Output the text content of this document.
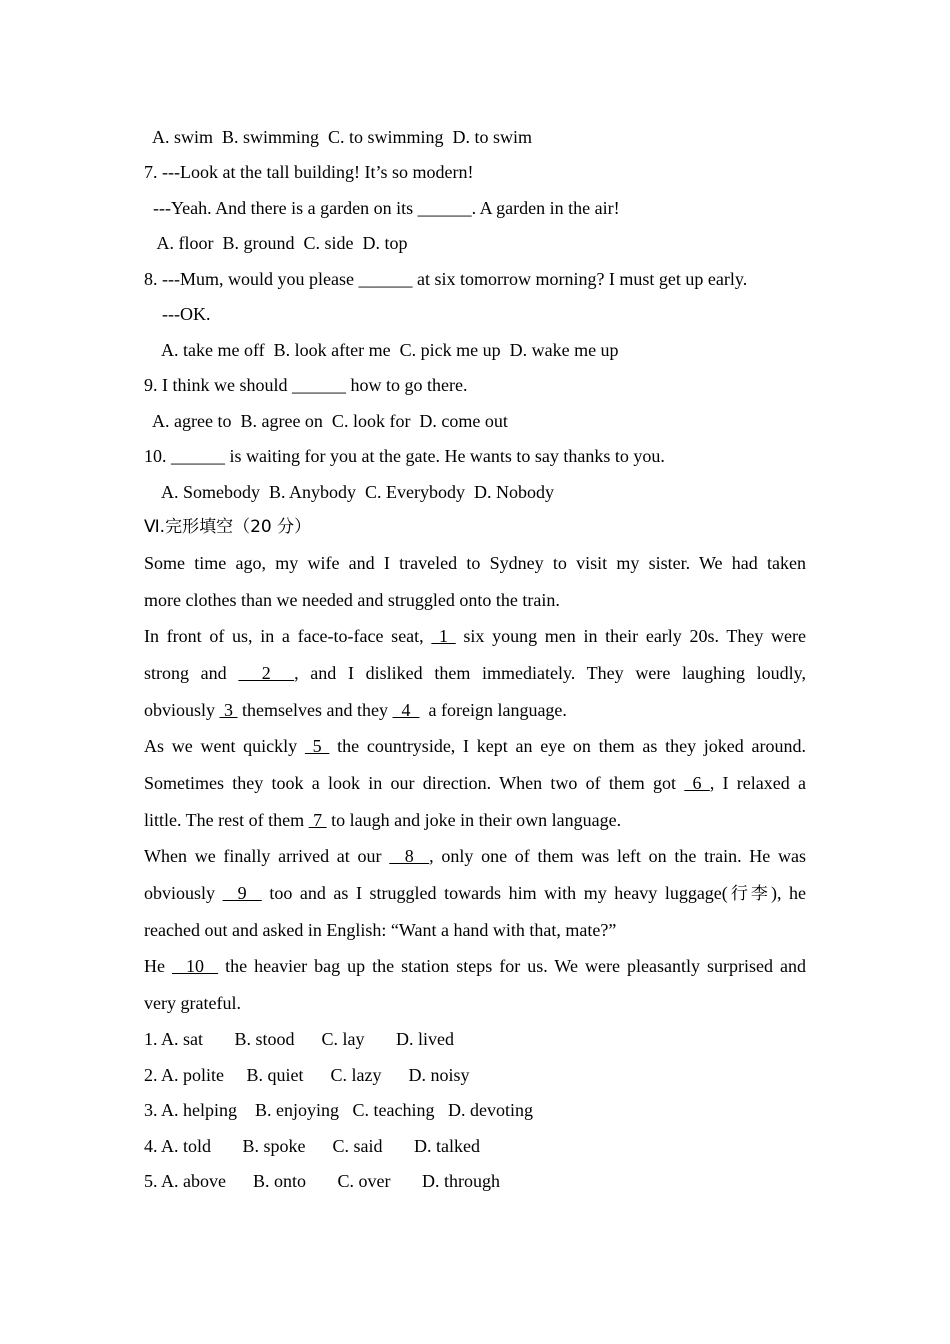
A. swim  B. swimming  C. to swimming  D. to swim

7. ---Look at the tall building! It’s so modern!

---Yeah. And there is a garden on its ______. A garden in the air!

A. floor  B. ground  C. side  D. top

8. ---Mum, would you please ______ at six tomorrow morning? I must get up early.

---OK.

A. take me off  B. look after me  C. pick me up  D. wake me up

9. I think we should ______ how to go there.

A. agree to  B. agree on  C. look for  D. come out

10. ______ is waiting for you at the gate. He wants to say thanks to you.

A. Somebody  B. Anybody  C. Everybody  D. Nobody

Ⅵ.完形填空（20 分）

Some time ago, my wife and I traveled to Sydney to visit my sister. We had taken

more clothes than we needed and struggled onto the train.

In front of us, in a face-to-face seat,  1  six young men in their early 20s. They were

strong and   2  , and I disliked them immediately. They were laughing loudly,

obviously  3  themselves and they   4    a foreign language.

As we went quickly  5  the countryside, I kept an eye on them as they joked around.

Sometimes they took a look in our direction. When two of them got  6 , I relaxed a

little. The rest of them  7  to laugh and joke in their own language.

When we finally arrived at our   8  , only one of them was left on the train. He was

obviously   9   too and as I struggled towards him with my heavy luggage(行李), he

reached out and asked in English: “Want a hand with that, mate?”

He   10   the heavier bag up the station steps for us. We were pleasantly surprised and

very grateful.

1. A. sat       B. stood      C. lay       D. lived

2. A. polite     B. quiet      C. lazy      D. noisy

3. A. helping    B. enjoying   C. teaching   D. devoting

4. A. told       B. spoke      C. said       D. talked

5. A. above      B. onto       C. over       D. through
